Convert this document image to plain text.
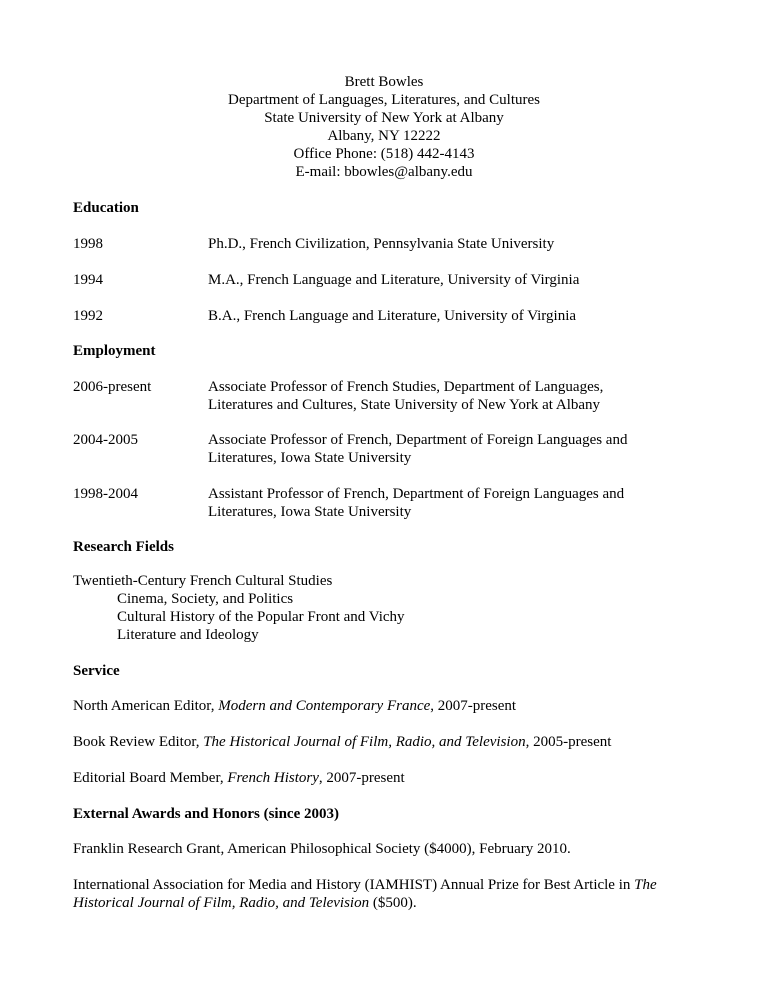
Brett Bowles
Department of Languages, Literatures, and Cultures
State University of New York at Albany
Albany, NY 12222
Office Phone: (518) 442-4143
E-mail: bbowles@albany.edu
Education
1998	Ph.D., French Civilization, Pennsylvania State University
1994	M.A., French Language and Literature, University of Virginia
1992	B.A., French Language and Literature, University of Virginia
Employment
2006-present	Associate Professor of French Studies, Department of Languages,
Literatures and Cultures, State University of New York at Albany
2004-2005	Associate Professor of French, Department of Foreign Languages and
Literatures, Iowa State University
1998-2004	Assistant Professor of French, Department of Foreign Languages and
Literatures, Iowa State University
Research Fields
Twentieth-Century French Cultural Studies
Cinema, Society, and Politics
Cultural History of the Popular Front and Vichy
Literature and Ideology
Service
North American Editor, Modern and Contemporary France, 2007-present
Book Review Editor, The Historical Journal of Film, Radio, and Television, 2005-present
Editorial Board Member, French History, 2007-present
External Awards and Honors (since 2003)
Franklin Research Grant, American Philosophical Society ($4000), February 2010.
International Association for Media and History (IAMHIST) Annual Prize for Best Article in The
Historical Journal of Film, Radio, and Television ($500).
